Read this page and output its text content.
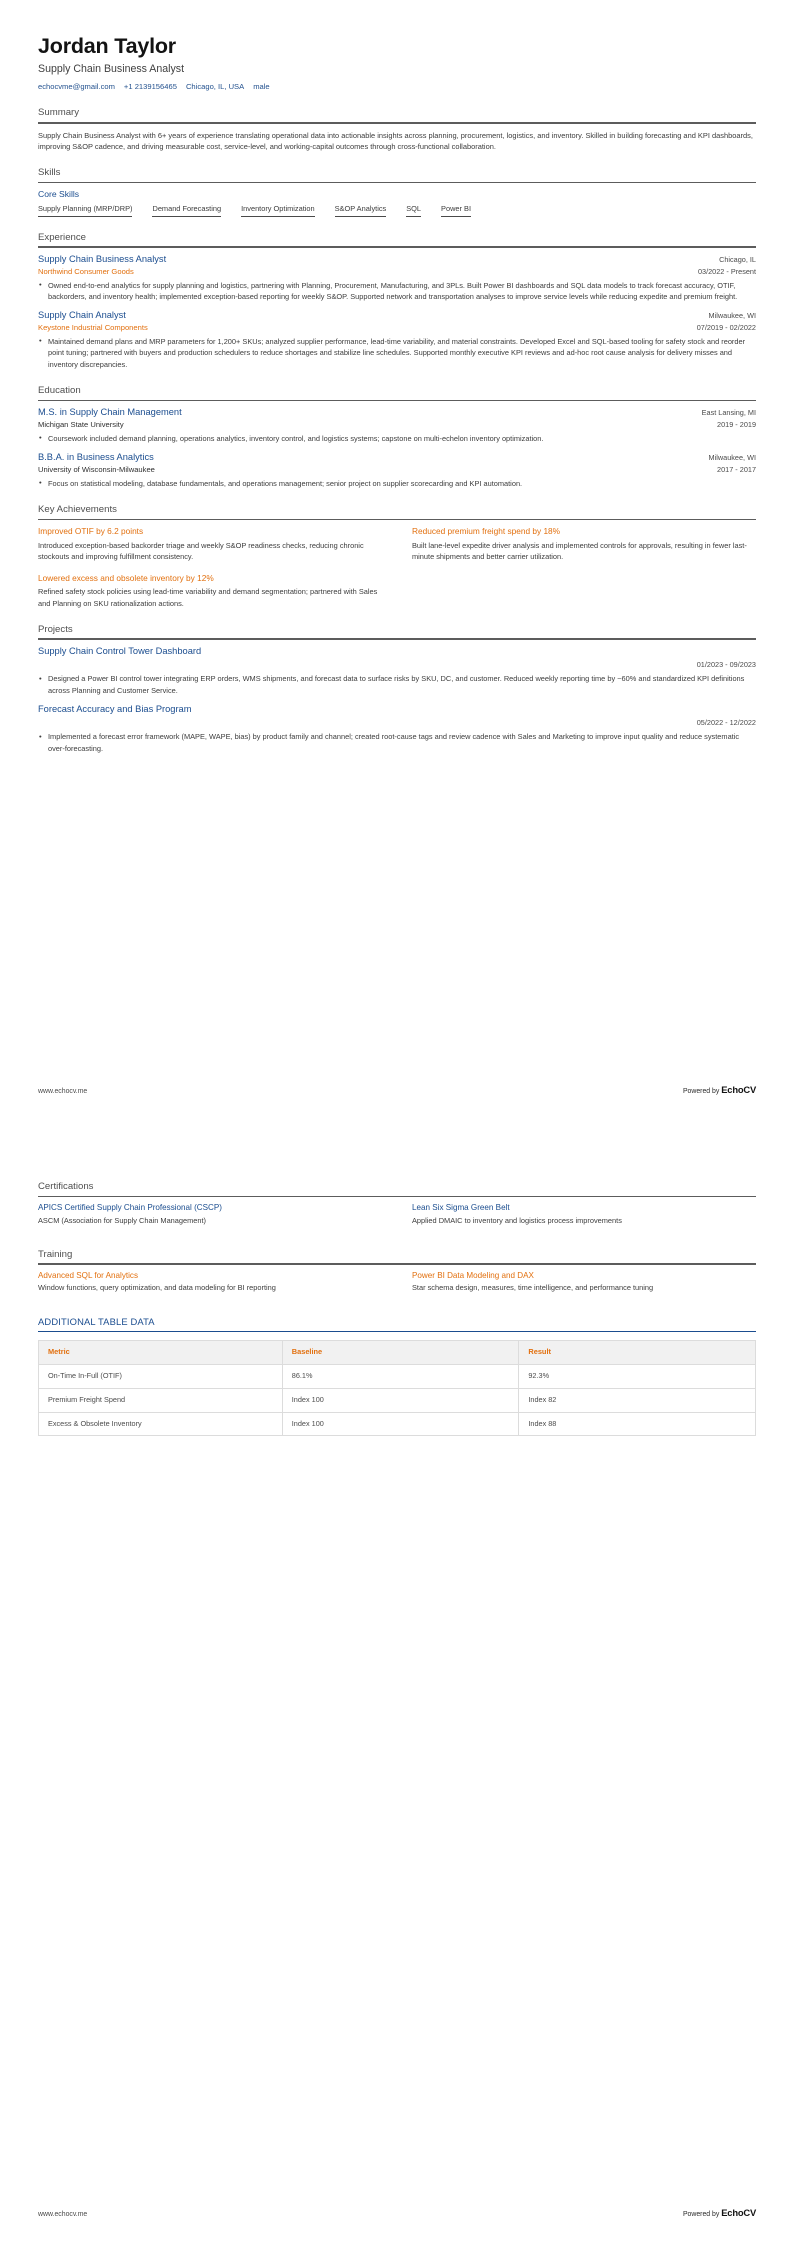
Jordan Taylor
Supply Chain Business Analyst
echocvme@gmail.com +1 2139156465 Chicago, IL, USA male
Summary
Supply Chain Business Analyst with 6+ years of experience translating operational data into actionable insights across planning, procurement, logistics, and inventory. Skilled in building forecasting and KPI dashboards, improving S&OP cadence, and driving measurable cost, service-level, and working-capital outcomes through cross-functional collaboration.
Skills
Core Skills
Supply Planning (MRP/DRP)	Demand Forecasting	Inventory Optimization	S&OP Analytics	SQL	Power BI
Experience
Supply Chain Business Analyst	Chicago, IL
Northwind Consumer Goods	03/2022 - Present
• Owned end-to-end analytics for supply planning and logistics, partnering with Planning, Procurement, Manufacturing, and 3PLs. Built Power BI dashboards and SQL data models to track forecast accuracy, OTIF, backorders, and inventory health; implemented exception-based reporting for weekly S&OP. Supported network and transportation analyses to improve service levels while reducing expedite and premium freight.
Supply Chain Analyst	Milwaukee, WI
Keystone Industrial Components	07/2019 - 02/2022
• Maintained demand plans and MRP parameters for 1,200+ SKUs; analyzed supplier performance, lead-time variability, and material constraints. Developed Excel and SQL-based tooling for safety stock and reorder point tuning; partnered with buyers and production schedulers to reduce shortages and stabilize line schedules. Supported monthly executive KPI reviews and ad-hoc root cause analysis for delivery misses and inventory discrepancies.
Education
M.S. in Supply Chain Management	East Lansing, MI
Michigan State University	2019 - 2019
• Coursework included demand planning, operations analytics, inventory control, and logistics systems; capstone on multi-echelon inventory optimization.
B.B.A. in Business Analytics	Milwaukee, WI
University of Wisconsin-Milwaukee	2017 - 2017
• Focus on statistical modeling, database fundamentals, and operations management; senior project on supplier scorecarding and KPI automation.
Key Achievements
Improved OTIF by 6.2 points
Introduced exception-based backorder triage and weekly S&OP readiness checks, reducing chronic stockouts and improving fulfillment consistency.
Lowered excess and obsolete inventory by 12%
Refined safety stock policies using lead-time variability and demand segmentation; partnered with Sales and Planning on SKU rationalization actions.
Reduced premium freight spend by 18%
Built lane-level expedite driver analysis and implemented controls for approvals, resulting in fewer last-minute shipments and better carrier utilization.
Projects
Supply Chain Control Tower Dashboard
01/2023 - 09/2023
• Designed a Power BI control tower integrating ERP orders, WMS shipments, and forecast data to surface risks by SKU, DC, and customer. Reduced weekly reporting time by ~60% and standardized KPI definitions across Planning and Customer Service.
Forecast Accuracy and Bias Program
05/2022 - 12/2022
• Implemented a forecast error framework (MAPE, WAPE, bias) by product family and channel; created root-cause tags and review cadence with Sales and Marketing to improve input quality and reduce systematic over-forecasting.
www.echocv.me	Powered by EchoCV
Certifications
APICS Certified Supply Chain Professional (CSCP)
ASCM (Association for Supply Chain Management)
Lean Six Sigma Green Belt
Applied DMAIC to inventory and logistics process improvements
Training
Advanced SQL for Analytics
Window functions, query optimization, and data modeling for BI reporting
Power BI Data Modeling and DAX
Star schema design, measures, time intelligence, and performance tuning
ADDITIONAL TABLE DATA
Metric	Baseline	Result
On-Time In-Full (OTIF)	86.1%	92.3%
Premium Freight Spend	Index 100	Index 82
Excess & Obsolete Inventory	Index 100	Index 88
www.echocv.me	Powered by EchoCV
